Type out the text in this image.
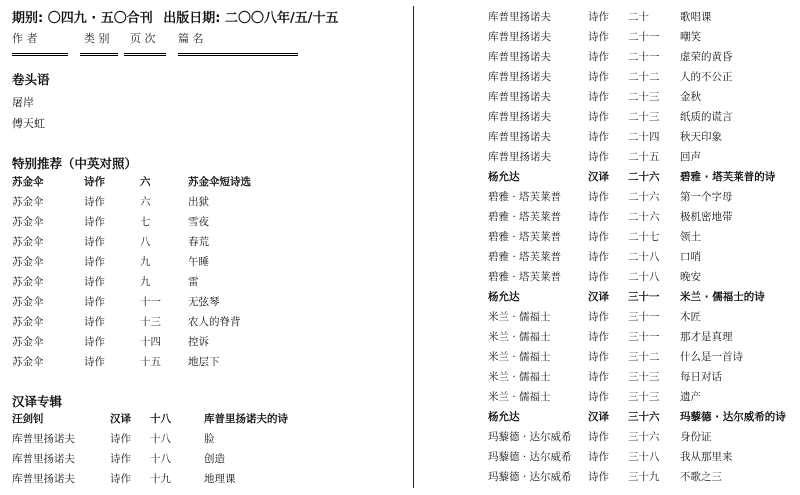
期别: 〇四九 · 五〇合刊 出版日期: 二〇〇八年/五/十五
作 者	类 别 页 次 篇 名
卷头语
屠岸
傅天虹
特别推荐（中英对照）
苏金伞	诗作	六	苏金伞短诗选
苏金伞	诗作	六	出狱
苏金伞	诗作	七	雪夜
苏金伞	诗作	八	春荒
苏金伞	诗作	九	午睡
苏金伞	诗作	九	雷
苏金伞	诗作	十一	无弦琴
苏金伞	诗作	十三	农人的脊背
苏金伞	诗作	十四	控诉
苏金伞	诗作	十五	地层下
汉译专辑
汪剑钊	汉译 十八	库普里扬诺夫的诗
库普里扬诺夫	诗作 十八	脸
库普里扬诺夫	诗作 十八	创造
库普里扬诺夫	诗作 十九	地理课
库普里扬诺夫	诗作 二十	歌唱课
库普里扬诺夫	诗作 二十一 嘲笑
库普里扬诺夫	诗作 二十一 虚荣的黄昏
库普里扬诺夫	诗作 二十二 人的不公正
库普里扬诺夫	诗作 二十三 金秋
库普里扬诺夫	诗作 二十三 纸质的谎言
库普里扬诺夫	诗作 二十四 秋天印象
库普里扬诺夫	诗作 二十五 回声
杨允达	汉译 二十六 碧雅 · 塔芙莱普的诗
碧雅 · 塔芙莱普	诗作 二十六 第一个字母
碧雅 · 塔芙莱普	诗作 二十六 极机密地带
碧雅 · 塔芙莱普	诗作 二十七 领土
碧雅 · 塔芙莱普	诗作 二十八 口哨
碧雅 · 塔芙莱普	诗作 二十八 晚安
杨允达	汉译 三十一 米兰 · 儒福士的诗
米兰 · 儒福士	诗作 三十一 木匠
米兰 · 儒福士	诗作 三十一 那才是真理
米兰 · 儒福士	诗作 三十二 什么是一首诗
米兰 · 儒福士	诗作 三十三 每日对话
米兰 · 儒福士	诗作 三十三 遗产
杨允达	汉译 三十六 玛藜德 · 达尔威希的诗
玛藜德 · 达尔威希 诗作 三十六 身份证
玛藜德 · 达尔威希 诗作 三十八 我从那里来
玛藜德 · 达尔威希 诗作 三十九 不歌之三
